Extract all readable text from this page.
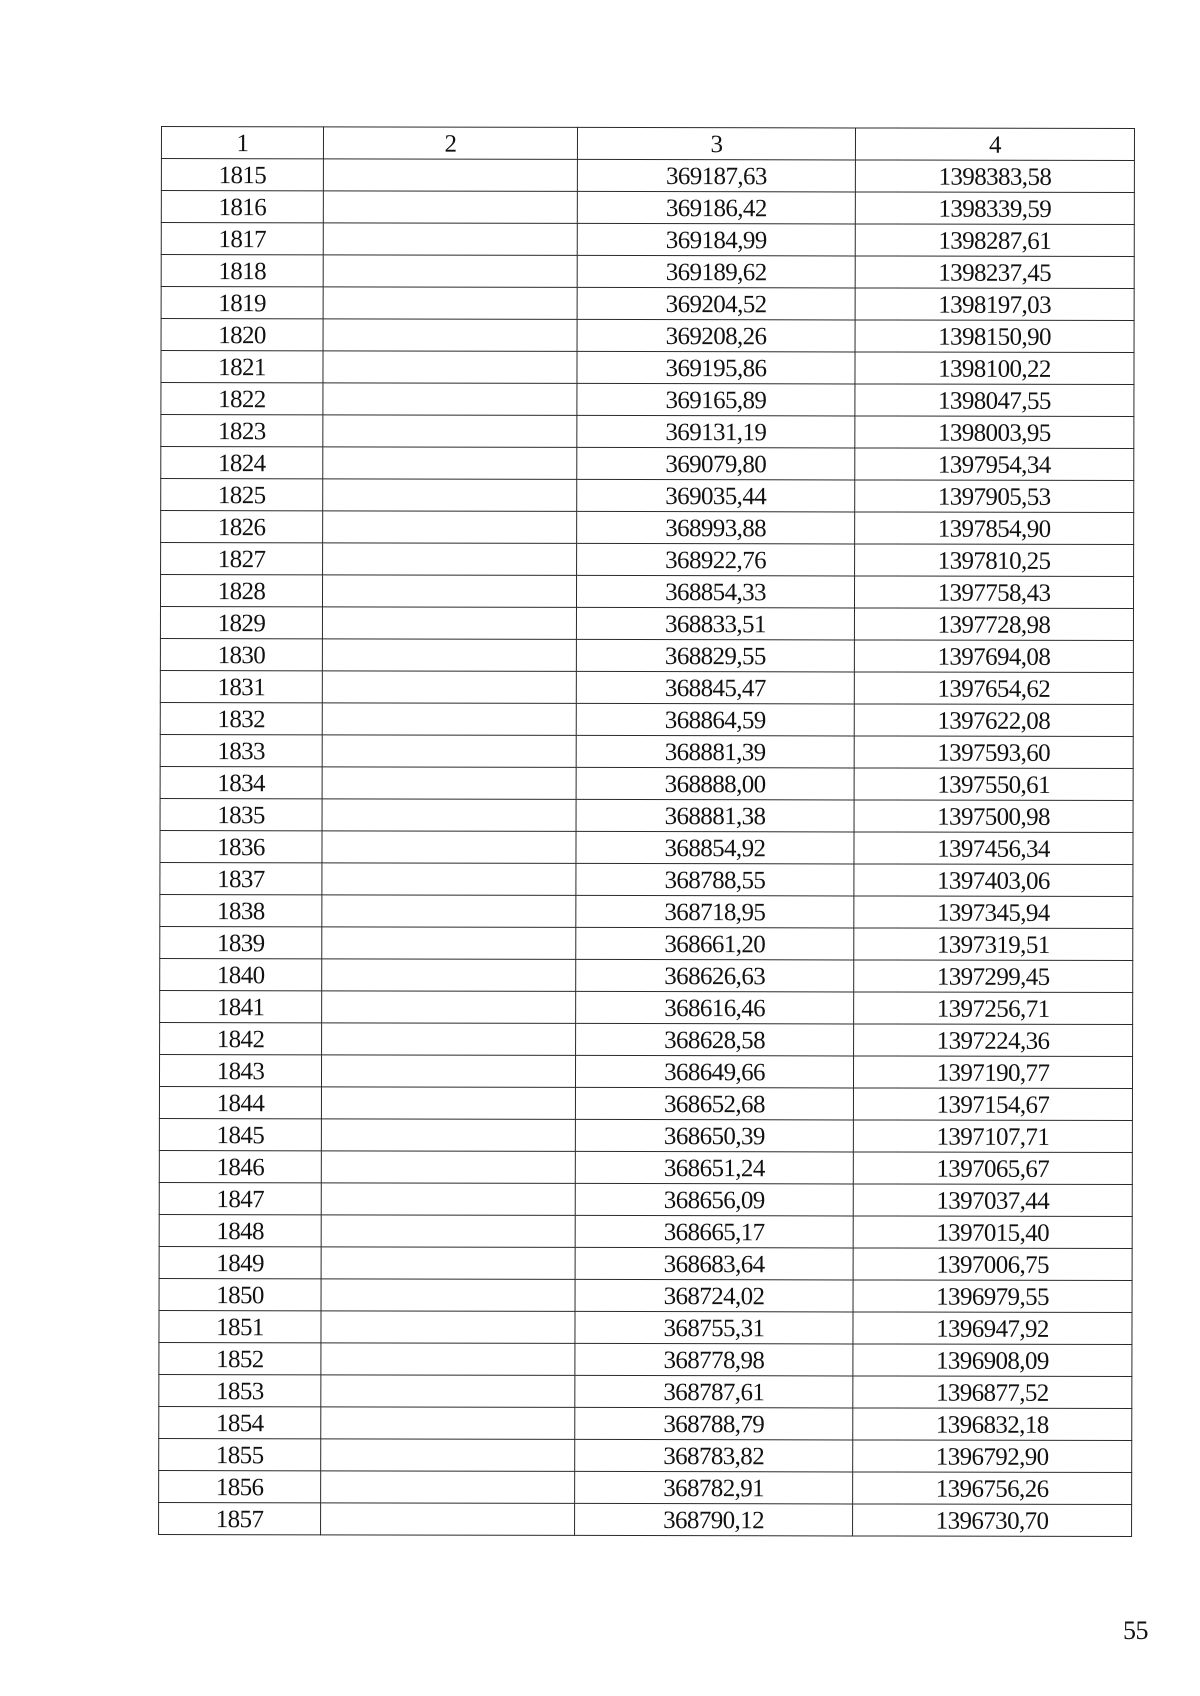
1	2	3	4
1815		369187,63	1398383,58
1816		369186,42	1398339,59
1817		369184,99	1398287,61
1818		369189,62	1398237,45
1819		369204,52	1398197,03
1820		369208,26	1398150,90
1821		369195,86	1398100,22
1822		369165,89	1398047,55
1823		369131,19	1398003,95
1824		369079,80	1397954,34
1825		369035,44	1397905,53
1826		368993,88	1397854,90
1827		368922,76	1397810,25
1828		368854,33	1397758,43
1829		368833,51	1397728,98
1830		368829,55	1397694,08
1831		368845,47	1397654,62
1832		368864,59	1397622,08
1833		368881,39	1397593,60
1834		368888,00	1397550,61
1835		368881,38	1397500,98
1836		368854,92	1397456,34
1837		368788,55	1397403,06
1838		368718,95	1397345,94
1839		368661,20	1397319,51
1840		368626,63	1397299,45
1841		368616,46	1397256,71
1842		368628,58	1397224,36
1843		368649,66	1397190,77
1844		368652,68	1397154,67
1845		368650,39	1397107,71
1846		368651,24	1397065,67
1847		368656,09	1397037,44
1848		368665,17	1397015,40
1849		368683,64	1397006,75
1850		368724,02	1396979,55
1851		368755,31	1396947,92
1852		368778,98	1396908,09
1853		368787,61	1396877,52
1854		368788,79	1396832,18
1855		368783,82	1396792,90
1856		368782,91	1396756,26
1857		368790,12	1396730,70
55
